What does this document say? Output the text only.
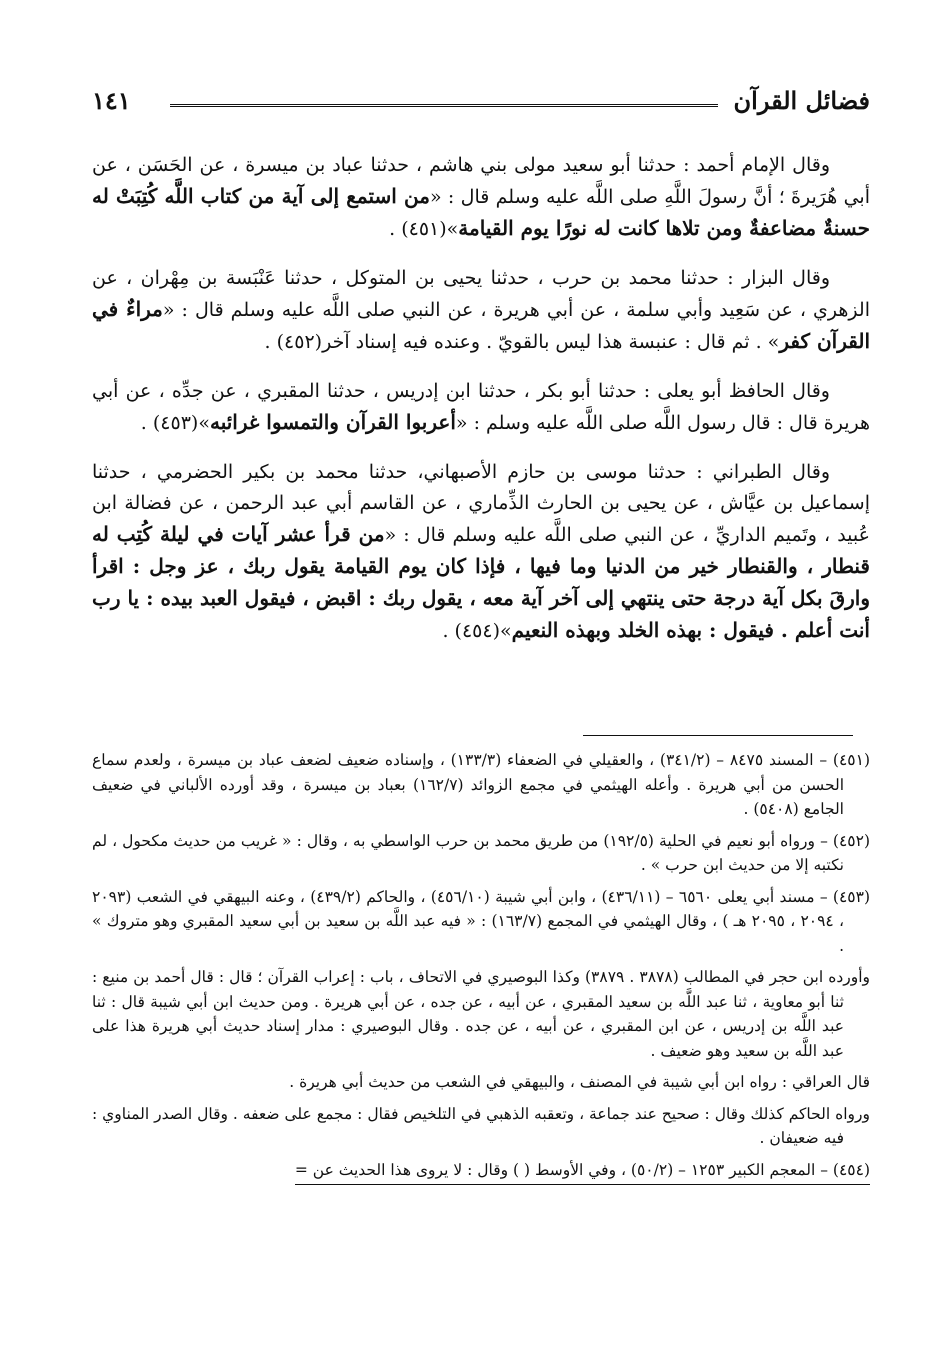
فضائل القرآن
١٤١

وقال الإمام أحمد : حدثنا أبو سعيد مولى بني هاشم ، حدثنا عباد بن ميسرة ، عن الحَسَن ، عن أبي هُرَيرةَ ؛ أنَّ رسولَ اللَّهِ صلى اللَّه عليه وسلم قال : «من استمع إلى آية من كتاب اللَّه كُتِبَتْ له حسنةٌ مضاعفةٌ ومن تلاها كانت له نورًا يوم القيامة»(٤٥١) .

وقال البزار : حدثنا محمد بن حرب ، حدثنا يحيى بن المتوكل ، حدثنا عَنْبَسة بن مِهْران ، عن الزهري ، عن سَعِيد وأبي سلمة ، عن أبي هريرة ، عن النبي صلى اللَّه عليه وسلم قال : «مراءٌ في القرآن كفر» . ثم قال : عنبسة هذا ليس بالقويّ . وعنده فيه إسناد آخر(٤٥٢) .

وقال الحافظ أبو يعلى : حدثنا أبو بكر ، حدثنا ابن إدريس ، حدثنا المقبري ، عن جدِّه ، عن أبي هريرة قال : قال رسول اللَّه صلى اللَّه عليه وسلم : «أعربوا القرآن والتمسوا غرائبه»(٤٥٣) .

وقال الطبراني : حدثنا موسى بن حازم الأصبهاني، حدثنا محمد بن بكير الحضرمي ، حدثنا إسماعيل بن عيَّاش ، عن يحيى بن الحارث الذِّماري ، عن القاسم أبي عبد الرحمن ، عن فضالة ابن عُبيد ، وتَميم الداريِّ ، عن النبي صلى اللَّه عليه وسلم قال : «من قرأ عشر آيات في ليلة كُتِب له قنطار ، والقنطار خير من الدنيا وما فيها ، فإذا كان يوم القيامة يقول ربك ، عز وجل : اقرأ وارقَ بكل آية درجة حتى ينتهي إلى آخر آية معه ، يقول ربك : اقبض ، فيقول العبد بيده : يا رب أنت أعلم . فيقول : بهذه الخلد وبهذه النعيم»(٤٥٤) .

(٤٥١) – المسند ٨٤٧٥ – (٣٤١/٢) ، والعقيلي في الضعفاء (١٣٣/٣) ، وإسناده ضعيف لضعف عباد بن ميسرة ، ولعدم سماع الحسن من أبي هريرة . وأعله الهيثمي في مجمع الزوائد (١٦٢/٧) بعباد بن ميسرة ، وقد أورده الألباني في ضعيف الجامع (٥٤٠٨) .

(٤٥٢) – ورواه أبو نعيم في الحلية (١٩٢/٥) من طريق محمد بن حرب الواسطي به ، وقال : « غريب من حديث مكحول ، لم نكتبه إلا من حديث ابن حرب » .

(٤٥٣) – مسند أبي يعلى ٦٥٦٠ – (٤٣٦/١١) ، وابن أبي شيبة (٤٥٦/١٠) ، والحاكم (٤٣٩/٢) ، وعنه البيهقي في الشعب (٢٠٩٣ ، ٢٠٩٤ ، ٢٠٩٥ هـ ) ، وقال الهيثمي في المجمع (١٦٣/٧) : « فيه عبد اللَّه بن سعيد بن أبي سعيد المقبري وهو متروك » .

وأورده ابن حجر في المطالب (٣٨٧٨ . ٣٨٧٩) وكذا البوصيري في الاتحاف ، باب : إعراب القرآن ؛ قال : قال أحمد بن منيع : ثنا أبو معاوية ، ثنا عبد اللَّه بن سعيد المقبري ، عن أبيه ، عن جده ، عن أبي هريرة . ومن حديث ابن أبي شيبة قال : ثنا عبد اللَّه بن إدريس ، عن ابن المقبري ، عن أبيه ، عن جده . وقال البوصيري : مدار إسناد حديث أبي هريرة هذا على عبد اللَّه بن سعيد وهو ضعيف .

قال العراقي : رواه ابن أبي شيبة في المصنف ، والبيهقي في الشعب من حديث أبي هريرة .

ورواه الحاكم كذلك وقال : صحيح عند جماعة ، وتعقبه الذهبي في التلخيص فقال : مجمع على ضعفه . وقال الصدر المناوي : فيه ضعيفان .

(٤٥٤) – المعجم الكبير ١٢٥٣ – (٥٠/٢) ، وفي الأوسط ( ) وقال : لا يروى هذا الحديث عن =
